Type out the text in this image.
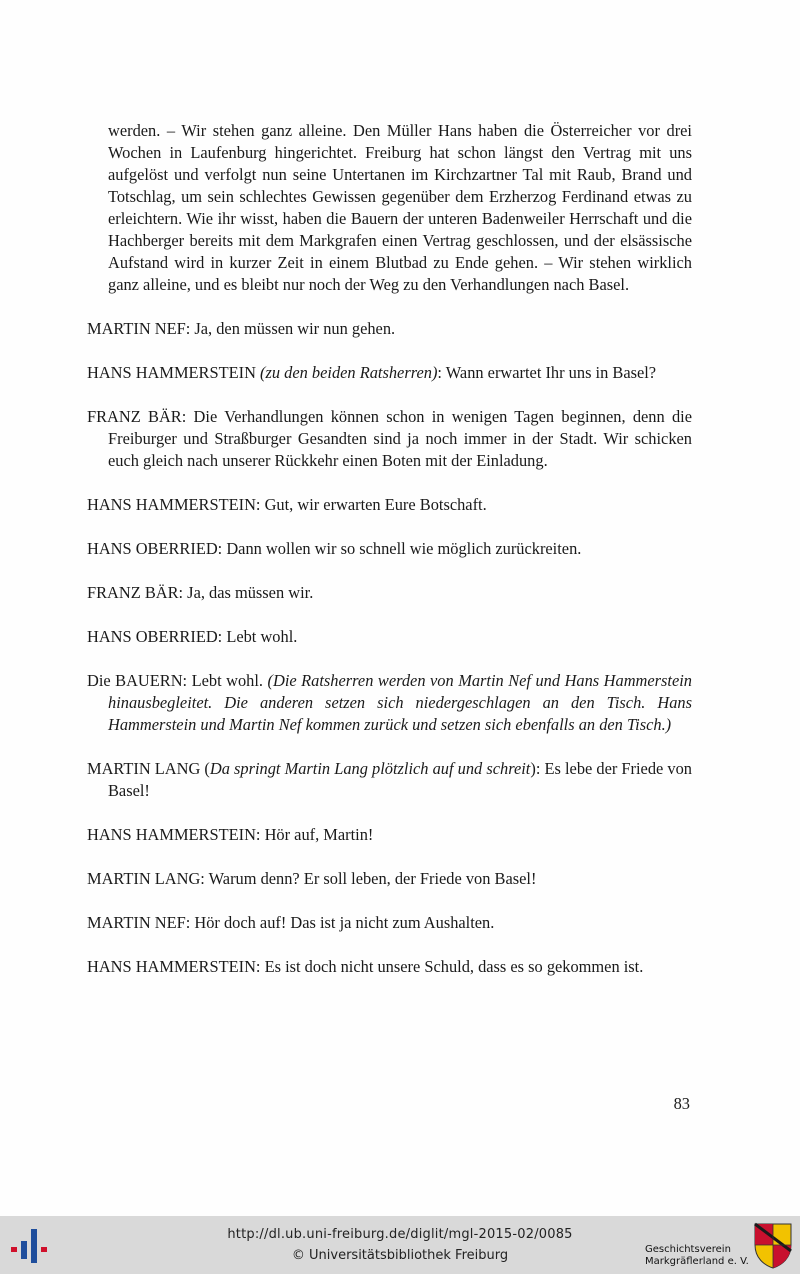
werden. – Wir stehen ganz alleine. Den Müller Hans haben die Österreicher vor drei Wochen in Laufenburg hingerichtet. Freiburg hat schon längst den Vertrag mit uns aufgelöst und verfolgt nun seine Untertanen im Kirchzartner Tal mit Raub, Brand und Totschlag, um sein schlechtes Gewissen gegenüber dem Erzherzog Ferdinand etwas zu erleichtern. Wie ihr wisst, haben die Bauern der unteren Badenweiler Herrschaft und die Hachberger bereits mit dem Markgrafen einen Vertrag geschlossen, und der elsässische Aufstand wird in kurzer Zeit in einem Blutbad zu Ende gehen. – Wir stehen wirklich ganz alleine, und es bleibt nur noch der Weg zu den Verhandlungen nach Basel.

MARTIN NEF: Ja, den müssen wir nun gehen.

HANS HAMMERSTEIN (zu den beiden Ratsherren): Wann erwartet Ihr uns in Basel?

FRANZ BÄR: Die Verhandlungen können schon in wenigen Tagen beginnen, denn die Freiburger und Straßburger Gesandten sind ja noch immer in der Stadt. Wir schicken euch gleich nach unserer Rückkehr einen Boten mit der Einladung.

HANS HAMMERSTEIN: Gut, wir erwarten Eure Botschaft.

HANS OBERRIED: Dann wollen wir so schnell wie möglich zurückreiten.

FRANZ BÄR: Ja, das müssen wir.

HANS OBERRIED: Lebt wohl.

Die BAUERN: Lebt wohl. (Die Ratsherren werden von Martin Nef und Hans Hammerstein hinausbegleitet. Die anderen setzen sich niedergeschlagen an den Tisch. Hans Hammerstein und Martin Nef kommen zurück und setzen sich ebenfalls an den Tisch.)

MARTIN LANG (Da springt Martin Lang plötzlich auf und schreit): Es lebe der Friede von Basel!

HANS HAMMERSTEIN: Hör auf, Martin!

MARTIN LANG: Warum denn? Er soll leben, der Friede von Basel!

MARTIN NEF: Hör doch auf! Das ist ja nicht zum Aushalten.

HANS HAMMERSTEIN: Es ist doch nicht unsere Schuld, dass es so gekommen ist.

83
http://dl.ub.uni-freiburg.de/diglit/mgl-2015-02/0085
© Universitätsbibliothek Freiburg	Geschichtsverein
Markgräflerland e. V.
